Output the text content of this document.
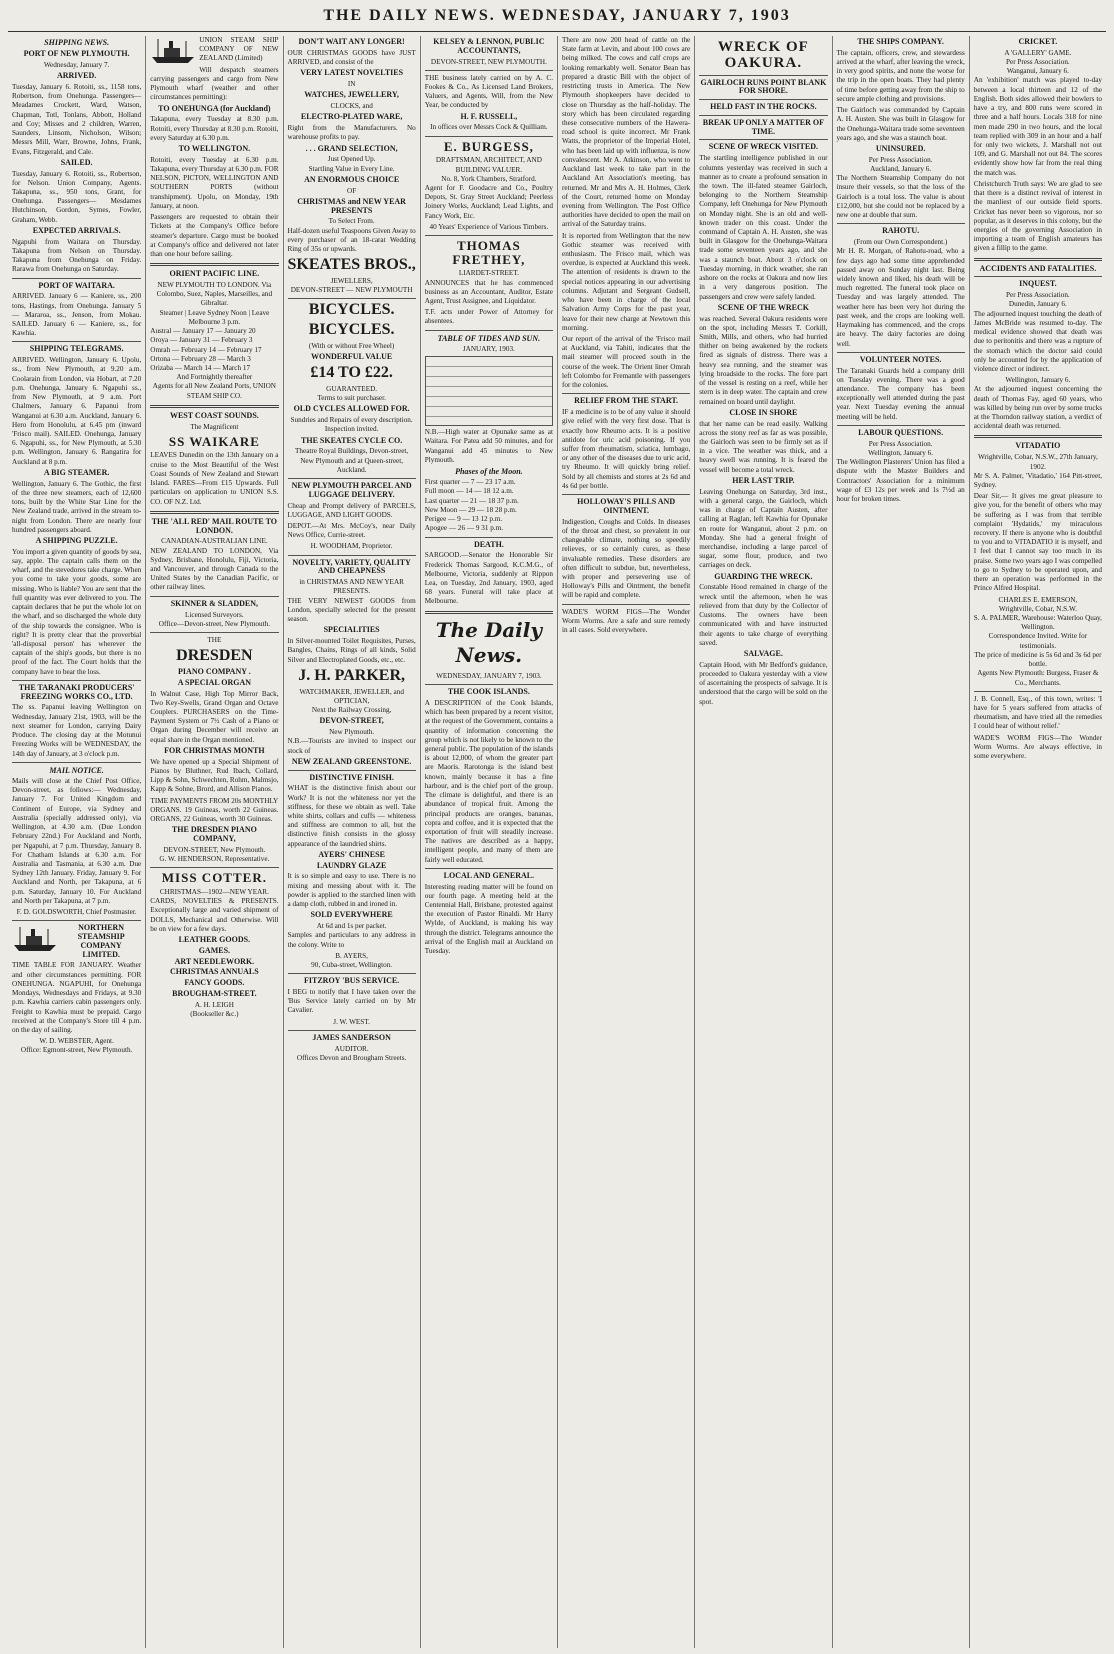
THE DAILY NEWS. WEDNESDAY, JANUARY 7, 1903
SHIPPING NEWS.
PORT OF NEW PLYMOUTH.
Wednesday, January 7.
ARRIVED.

Tuesday, January 6. Rotoiti, ss., 1158 tons, Robertson, from Onehunga. Passengers— Meadames Crockett, Ward, Watson, Chapman, Totl, Tonlans, Abbott, Holland and Coy; Misses and 2 children, Warren, Saunders, Linsom, Nicholson, Wilson; Messrs Mill, Warr, Browne, Johns, Frank, Evans, Fitzgerald, and Cale.

SAILED.

Tuesday, January 6. Rotoiti, ss., Robertson, for Nelson. Union Company, Agents. Takapuna, ss., 950 tons, Grant, for Onehunga. Passengers— Mesdames Hutchinson, Gordon, Symes, Fowler, Graham, Webb.

EXPECTED ARRIVALS.

Ngapuhi from Waitara on Thursday. Takapuna from Nelson on Thursday. Takapuna from Onehunga on Friday. Rarawa from Onehunga on Saturday.

PORT OF WAITARA.

ARRIVED. January 6 — Kaniere, ss., 200 tons, Hastings, from Onehunga. January 5 — Mararoa, ss., Jenson, from Mokau. SAILED. January 6 — Kaniere, ss., for Kawhia.

SHIPPING TELEGRAMS.

ARRIVED. Wellington, January 6. Upolu, ss., from New Plymouth, at 9.20 a.m. Coolarain from London, via Hobart, at 7.20 p.m. Onehunga, January 6. Ngapuhi ss., from New Plymouth, at 9 a.m. Port Chalmers, January 6. Papanui from Wanganui at 6.30 a.m. Auckland, January 6. Hero from Honolulu, at 6.45 pm (inward 'Frisco mail). SAILED. Onehunga, January 6. Ngapuhi, ss., for New Plymouth, at 5.30 p.m. Wellington, January 6. Rangatira for Auckland at 8 p.m.

A BIG STEAMER.

Wellington, January 6. The Gothic, the first of the three new steamers, each of 12,600 tons, built by the White Star Line for the New Zealand trade, arrived in the stream to-night from London. There are nearly four hundred passengers aboard.

A SHIPPING PUZZLE.

You import a given quantity of goods by sea, say, apple. The captain calls them on the wharf, and the stevedores take charge. When you come to take your goods, some are missing. Who is liable? You are sent that the full quantity was ever delivered to you. The captain declares that he put the whole lot on the wharf, and so discharged the whole duty of the ship towards the consignee. Who is right? It is pretty clear that the proverbial 'all-disposal person' has wherever the captain of the ship's goods, but there is no proof of the fact. The Court holds that the company have to bear the loss.

THE TARANAKI PRODUCERS' FREEZING WORKS CO., LTD.

The ss. Papanui leaving Wellington on Wednesday, January 21st, 1903, will be the next steamer for London, carrying Dairy Produce. The closing day at the Motunui Freezing Works will be WEDNESDAY, the 14th day of January, at 3 o'clock p.m.

MAIL NOTICE.

Mails will close at the Chief Post Office, Devon-street, as follows:— Wednesday, January 7. For United Kingdom and Continent of Europe, via Sydney and Australia (specially addressed only), via Wellington, at 4.30 a.m. (Due London February 22nd.) For Auckland and North, per Ngapuhi, at 7 p.m. Thursday, January 8. For Chatham Islands at 6.30 a.m. For Australia and Tasmania, at 6.30 a.m. Due Sydney 12th January. Friday, January 9. For Auckland and North, per Takapuna, at 6 p.m. Saturday, January 10. For Auckland and North per Takapuna, at 7 p.m.

F. D. GOLDSWORTH, Chief Postmaster.
NORTHERN STEAMSHIP COMPANY LIMITED.

TIME TABLE FOR JANUARY. Weather and other circumstances permitting. FOR ONEHUNGA. NGAPUHI, for Onehunga Mondays, Wednesdays and Fridays, at 9.30 p.m. Kawhia carriers cabin passengers only. Freight to Kawhia must be prepaid. Cargo received at the Company's Store till 4 p.m. on the day of sailing.

W. D. WEBSTER, Agent.
Office: Egmont-street, New Plymouth.

UNION STEAM SHIP COMPANY OF NEW ZEALAND (Limited)

Will despatch steamers carrying passengers and cargo from New Plymouth wharf (weather and other circumstances permitting):

TO ONEHUNGA (for Auckland)

Takapuna, every Tuesday at 8.30 p.m. Rotoiti, every Thursday at 8.30 p.m. Rotoiti, every Saturday at 6.30 p.m.

TO WELLINGTON.

Rotoiti, every Tuesday at 6.30 p.m. Takapuna, every Thursday at 6.30 p.m. FOR NELSON, PICTON, WELLINGTON AND SOUTHERN PORTS (without transhipment). Upolu, on Monday, 19th January, at noon.

Passengers are requested to obtain their Tickets at the Company's Office before steamer's departure. Cargo must be booked at Company's office and delivered not later than one hour before sailing.

ORIENT PACIFIC LINE.
NEW PLYMOUTH TO LONDON. Via Colombo, Suez, Naples, Marseilles, and Gibraltar.
Steamer | Leave Sydney Noon | Leave Melbourne 3 p.m.
Austral — January 17 — January 20
Oroya — January 31 — February 3
Omrah — February 14 — February 17
Ortona — February 28 — March 3
Orizaba — March 14 — March 17
And Fortnightly thereafter
Agents for all New Zealand Ports, UNION STEAM SHIP CO.
WEST COAST SOUNDS.
The Magnificent
SS WAIKARE

LEAVES Dunedin on the 13th January on a cruise to the Most Beautiful of the West Coast Sounds of New Zealand and Stewart Island. FARES—From £15 Upwards. Full particulars on application to UNION S.S. CO. OF N.Z. Ltd.

THE 'ALL RED' MAIL ROUTE TO LONDON.
CANADIAN-AUSTRALIAN LINE.

NEW ZEALAND TO LONDON, Via Sydney, Brisbane, Honolulu, Fiji, Victoria, and Vancouver, and through Canada to the United States by the Canadian Pacific, or other railway lines.

SKINNER & SLADDEN,
Licensed Surveyors.
Office—Devon-street, New Plymouth.
THE
DRESDEN
PIANO COMPANY .
A SPECIAL ORGAN

In Walnut Case, High Top Mirror Back, Two Key-Swells, Grand Organ and Octave Couplers. PURCHASERS on the Time-Payment System or 7½ Cash of a Piano or Organ during December will receive an equal share in the Organ mentioned.

FOR CHRISTMAS MONTH

We have opened up a Special Shipment of Pianos by Bluthner, Rud Ibach, Collard, Lipp & Sohn, Schwechten, Rohm, Malmsjo, Kapp & Sohne, Brord, and Allison Pianos.

TIME PAYMENTS FROM 20s MONTHLY

ORGANS. 19 Guineas, worth 22 Guineas. ORGANS, 22 Guineas, worth 30 Guineas.

THE DRESDEN PIANO COMPANY,
DEVON-STREET, New Plymouth.
G. W. HENDERSON, Representative.
MISS COTTER.
CHRISTMAS—1902—NEW YEAR.

CARDS, NOVELTIES & PRESENTS. Exceptionally large and varied shipment of DOLLS, Mechanical and Otherwise. Will be on view for a few days.

LEATHER GOODS.
GAMES.
ART NEEDLEWORK.
CHRISTMAS ANNUALS
FANCY GOODS.
BROUGHAM-STREET.
A. H. LEIGH
(Bookseller &c.)
DON'T WAIT ANY LONGER!

OUR CHRISTMAS GOODS have JUST ARRIVED, and consist of the

VERY LATEST NOVELTIES
IN
WATCHES, JEWELLERY,
CLOCKS, and
ELECTRO-PLATED WARE,

Right from the Manufacturers. No warehouse profits to pay.

. . . GRAND SELECTION,
Just Opened Up.
Startling Value in Every Line.
AN ENORMOUS CHOICE
OF
CHRISTMAS and NEW YEAR PRESENTS
To Select From.

Half-dozen useful Teaspoons Given Away to every purchaser of an 18-carat Wedding Ring of 35s or upwards.

SKEATES BROS.,
JEWELLERS,
DEVON-STREET — NEW PLYMOUTH
BICYCLES.
BICYCLES.
(With or without Free Wheel)
WONDERFUL VALUE
£14 TO £22.
GUARANTEED.
Terms to suit purchaser.
OLD CYCLES ALLOWED FOR.
Sundries and Repairs of every description.
Inspection invited.
THE SKEATES CYCLE CO.
Theatre Royal Buildings, Devon-street, New Plymouth and at Queen-street, Auckland.
NEW PLYMOUTH PARCEL AND LUGGAGE DELIVERY.

Cheap and Prompt delivery of PARCELS, LUGGAGE, AND LIGHT GOODS.

DEPOT.—At Mrs. McCoy's, near Daily News Office, Currie-street.

H. WOODHAM, Proprietor.
NOVELTY, VARIETY, QUALITY AND CHEAPNESS
in CHRISTMAS AND NEW YEAR PRESENTS.

THE VERY NEWEST GOODS from London, specially selected for the present season.

SPECIALITIES

In Silver-mounted Toilet Requisites, Purses, Bangles, Chains, Rings of all kinds, Solid Silver and Electroplated Goods, etc., etc.

J. H. PARKER,
WATCHMAKER, JEWELLER, and OPTICIAN,
Next the Railway Crossing,
DEVON-STREET,
New Plymouth.

N.B.—Tourists are invited to inspect our stock of

NEW ZEALAND GREENSTONE.
DISTINCTIVE FINISH.

WHAT is the distinctive finish about our Work? It is not the whiteness nor yet the stiffness, for these we obtain as well. Take white shirts, collars and cuffs — whiteness and stiffness are common to all, but the distinctive finish consists in the glossy appearance of the laundried shirts.

AYERS' CHINESE
LAUNDRY GLAZE

It is so simple and easy to use. There is no mixing and messing about with it. The powder is applied to the starched linen with a damp cloth, rubbed in and ironed in.

SOLD EVERYWHERE
At 6d and 1s per packet.

Samples and particulars to any address in the colony. Write to

B. AYERS,
90, Cuba-street, Wellington.
FITZROY 'BUS SERVICE.

I BEG to notify that I have taken over the 'Bus Service lately carried on by Mr Cavalier.

J. W. WEST.
JAMES SANDERSON
AUDITOR.
Offices Devon and Brougham Streets.
KELSEY & LENNON, PUBLIC ACCOUNTANTS,
DEVON-STREET, NEW PLYMOUTH.

THE business lately carried on by A. C. Fookes & Co., As Licensed Land Brokers, Valuers, and Agents, Will, from the New Year, be conducted by

H. F. RUSSELL,
In offices over Messrs Cock & Quilliam.
E. BURGESS,
DRAFTSMAN, ARCHITECT, AND BUILDING VALUER.
No. 8, York Chambers, Stratford.

Agent for F. Goodacre and Co., Poultry Depots, St. Gray Street Auckland; Peerless Joinery Works, Auckland; Lead Lights, and Fancy Work, Etc.

40 Years' Experience of Various Timbers.
THOMAS FRETHEY,
LIARDET-STREET.

ANNOUNCES that he has commenced business as an Accountant, Auditor, Estate Agent, Trust Assignee, and Liquidator.

T.F. acts under Power of Attorney for absentees.

TABLE OF TIDES AND SUN.
JANUARY, 1903.

N.B.—High water at Opunake same as at Waitara. For Patea add 50 minutes, and for Wanganui add 45 minutes to New Plymouth.

Phases of the Moon.
First quarter — 7 — 23 17 a.m.
Full moon — 14 — 18 12 a.m.
Last quarter — 21 — 18 37 p.m.
New Moon — 29 — 18 28 p.m.
Perigee — 9 — 13 12 p.m.
Apogee — 26 — 9 31 p.m.
DEATH.

SARGOOD.—Senator the Honorable Sir Frederick Thomas Sargood, K.C.M.G., of Melbourne, Victoria, suddenly at Rippon Lea, on Tuesday, 2nd January, 1903, aged 68 years. Funeral will take place at Melbourne.

The Daily News.
WEDNESDAY, JANUARY 7, 1903.
THE COOK ISLANDS.

A DESCRIPTION of the Cook Islands, which has been prepared by a recent visitor, at the request of the Government, contains a quantity of information concerning the group which is not likely to be known to the general public. The population of the islands is about 12,000, of whom the greater part are Maoris. Rarotonga is the island best known, mainly because it has a fine harbour, and is the chief port of the group. The climate is delightful, and there is an abundance of tropical fruit. Among the principal products are oranges, bananas, copra and coffee, and it is expected that the exportation of fruit will steadily increase. The natives are described as a happy, intelligent people, and many of them are fairly well educated.

LOCAL AND GENERAL.

Interesting reading matter will be found on our fourth page. A meeting held at the Centennial Hall, Brisbane, protested against the execution of Pastor Rinaldi. Mr Harry Wylde, of Auckland, is making his way through the district. Telegrams announce the arrival of the English mail at Auckland on Tuesday.

There are now 200 head of cattle on the State farm at Levin, and about 100 cows are being milked. The cows and calf crops are looking remarkably well. Senator Bean has prepared a drastic Bill with the object of restricting trusts in America. The New Plymouth shopkeepers have decided to close on Thursday as the half-holiday. The story which has been circulated regarding these consecutive numbers of the Hawera-road school is quite incorrect. Mr Frank Watts, the proprietor of the Imperial Hotel, who has been laid up with influenza, is now convalescent. Mr A. Atkinson, who went to Auckland last week to take part in the Auckland Art Association's meeting, has returned. Mr and Mrs A. H. Holmes, Clerk of the Court, returned home on Monday evening from Wellington. The Post Office authorities have decided to open the mail on arrival of the Saturday trains.

It is reported from Wellington that the new Gothic steamer was received with enthusiasm. The Frisco mail, which was overdue, is expected at Auckland this week. The attention of residents is drawn to the special notices appearing in our advertising columns. Adjutant and Sergeant Gudsell, who have been in charge of the local Salvation Army Corps for the past year, leave for their new charge at Newtown this morning.

Our report of the arrival of the 'Frisco mail at Auckland, via Tahiti, indicates that the mail steamer will proceed south in the course of the week. The Orient liner Omrah left Colombo for Fremantle with passengers for the colonies.

RELIEF FROM THE START.

IF a medicine is to be of any value it should give relief with the very first dose. That is exactly how Rheumo acts. It is a positive antidote for uric acid poisoning. If you suffer from rheumatism, sciatica, lumbago, or any other of the diseases due to uric acid, try Rheumo. It will quickly bring relief. Sold by all chemists and stores at 2s 6d and 4s 6d per bottle.

HOLLOWAY'S PILLS AND OINTMENT.

Indigestion, Coughs and Colds. In diseases of the throat and chest, so prevalent in our changeable climate, nothing so speedily relieves, or so certainly cures, as these invaluable remedies. These disorders are often difficult to subdue, but, nevertheless, with proper and persevering use of Holloway's Pills and Ointment, the benefit will be rapid and complete.

WADE'S WORM FIGS—The Wonder Worm Worms. Are a safe and sure remedy in all cases. Sold everywhere.

WRECK OF OAKURA.
GAIRLOCH RUNS POINT BLANK FOR SHORE.
HELD FAST IN THE ROCKS.
BREAK UP ONLY A MATTER OF TIME.
SCENE OF WRECK VISITED.

The startling intelligence published in our columns yesterday was received in such a manner as to create a profound sensation in the town. The ill-fated steamer Gairloch, belonging to the Northern Steamship Company, left Onehunga for New Plymouth on Monday night. She is an old and well-known trader on this coast. Under the command of Captain A. H. Austen, she was built in Glasgow for the Onehunga-Waitara trade some seventeen years ago, and she was a staunch boat. About 3 o'clock on Tuesday morning, in thick weather, she ran ashore on the rocks at Oakura and now lies in a very dangerous position. The passengers and crew were safely landed.

SCENE OF THE WRECK

was reached. Several Oakura residents were on the spot, including Messrs T. Corkill, Smith, Mills, and others, who had hurried thither on being awakened by the rockets fired as signals of distress. There was a heavy sea running, and the steamer was lying broadside to the rocks. The fore part of the vessel is resting on a reef, while her stern is in deep water. The captain and crew remained on board until daylight.

CLOSE IN SHORE

that her name can be read easily. Walking across the stony reef as far as was possible, the Gairloch was seen to be firmly set as if in a vice. The weather was thick, and a heavy swell was running. It is feared the vessel will become a total wreck.

HER LAST TRIP.

Leaving Onehunga on Saturday, 3rd inst., with a general cargo, the Gairloch, which was in charge of Captain Austen, after calling at Raglan, left Kawhia for Opunake en route for Wanganui, about 2 p.m. on Monday. She had a general freight of merchandise, including a large parcel of sugar, some flour, produce, and two carriages on deck.

GUARDING THE WRECK.

Constable Hood remained in charge of the wreck until the afternoon, when he was relieved from that duty by the Collector of Customs. The owners have been communicated with and have instructed their agents to take charge of everything saved.

SALVAGE.

Captain Hood, with Mr Bedford's guidance, proceeded to Oakura yesterday with a view of ascertaining the prospects of salvage. It is understood that the cargo will be sold on the spot.

THE SHIPS COMPANY.

The captain, officers, crew, and stewardess arrived at the wharf, after leaving the wreck, in very good spirits, and none the worse for the trip in the open boats. They had plenty of time before getting away from the ship to secure ample clothing and provisions.

The Gairloch was commanded by Captain A. H. Austen. She was built in Glasgow for the Onehunga-Waitara trade some seventeen years ago, and she was a staunch boat.

UNINSURED.
Per Press Association.
Auckland, January 6.

The Northern Steamship Company do not insure their vessels, so that the loss of the Gairloch is a total loss. The value is about £12,000, but she could not be replaced by a new one at double that sum.

RAHOTU.
(From our Own Correspondent.)

Mr H. R. Morgan, of Rahotu-road, who a few days ago had some time apprehended passed away on Sunday night last. Being widely known and liked, his death will be much regretted. The funeral took place on Tuesday and was largely attended. The weather here has been very hot during the past week, and the crops are looking well. Haymaking has commenced, and the crops are heavy. The dairy factories are doing well.

VOLUNTEER NOTES.

The Taranaki Guards held a company drill on Tuesday evening. There was a good attendance. The company has been exceptionally well attended during the past year. Next Tuesday evening the annual meeting will be held.

LABOUR QUESTIONS.
Per Press Association.
Wellington, January 6.

The Wellington Plasterers' Union has filed a dispute with the Master Builders and Contractors' Association for a minimum wage of £3 12s per week and 1s 7½d an hour for broken times.

CRICKET.
A 'GALLERY' GAME.
Per Press Association.
Wanganui, January 6.

An 'exhibition' match was played to-day between a local thirteen and 12 of the English. Both sides allowed their bowlers to have a try, and 800 runs were scored in three and a half hours. Locals 318 for nine men made 290 in two hours, and the local team replied with 309 in an hour and a half for only two wickets, J. Marshall not out 109, and G. Marshall not out 84. The scores evidently show how far from the real thing the match was.

Christchurch Truth says: We are glad to see that there is a distinct revival of interest in the manliest of our outside field sports. Cricket has never been so vigorous, nor so popular, as it deserves in this colony, but the energies of the governing Association in importing a team of English amateurs has given a fillip to the game.

ACCIDENTS AND FATALITIES.
INQUEST.
Per Press Association.
Dunedin, January 6.

The adjourned inquest touching the death of James McBride was resumed to-day. The medical evidence showed that death was due to peritonitis and there was a rupture of the stomach which the doctor said could only be accounted for by the application of violence direct or indirect.

Wellington, January 6.

At the adjourned inquest concerning the death of Thomas Fay, aged 60 years, who was killed by being run over by some trucks at the Thorndon railway station, a verdict of accidental death was returned.

VITADATIO
Wrightville, Cobar, N.S.W., 27th January, 1902.

Mr S. A. Palmer, 'Vitadatio,' 164 Pitt-street, Sydney.

Dear Sir,— It gives me great pleasure to give you, for the benefit of others who may be suffering as I was from that terrible complaint 'Hydatids,' my miraculous recovery. If there is anyone who is doubtful to you and to VITADATIO it is myself, and I feel that I cannot say too much in its praise. Some two years ago I was compelled to go to Sydney to be operated upon, and there an operation was performed in the Prince Alfred Hospital.

CHARLES E. EMERSON,
Wrightville, Cobar, N.S.W.
S. A. PALMER, Warehouse: Waterloo Quay, Wellington.
Correspondence Invited. Write for testimonials.
The price of medicine is 5s 6d and 3s 6d per bottle.
Agents New Plymouth: Burgess, Fraser & Co., Merchants.

J. B. Connell, Esq., of this town, writes: 'I have for 5 years suffered from attacks of rheumatism, and have tried all the remedies I could hear of without relief.'

WADE'S WORM FIGS—The Wonder Worm Worms. Are always effective, in some everywhere.
